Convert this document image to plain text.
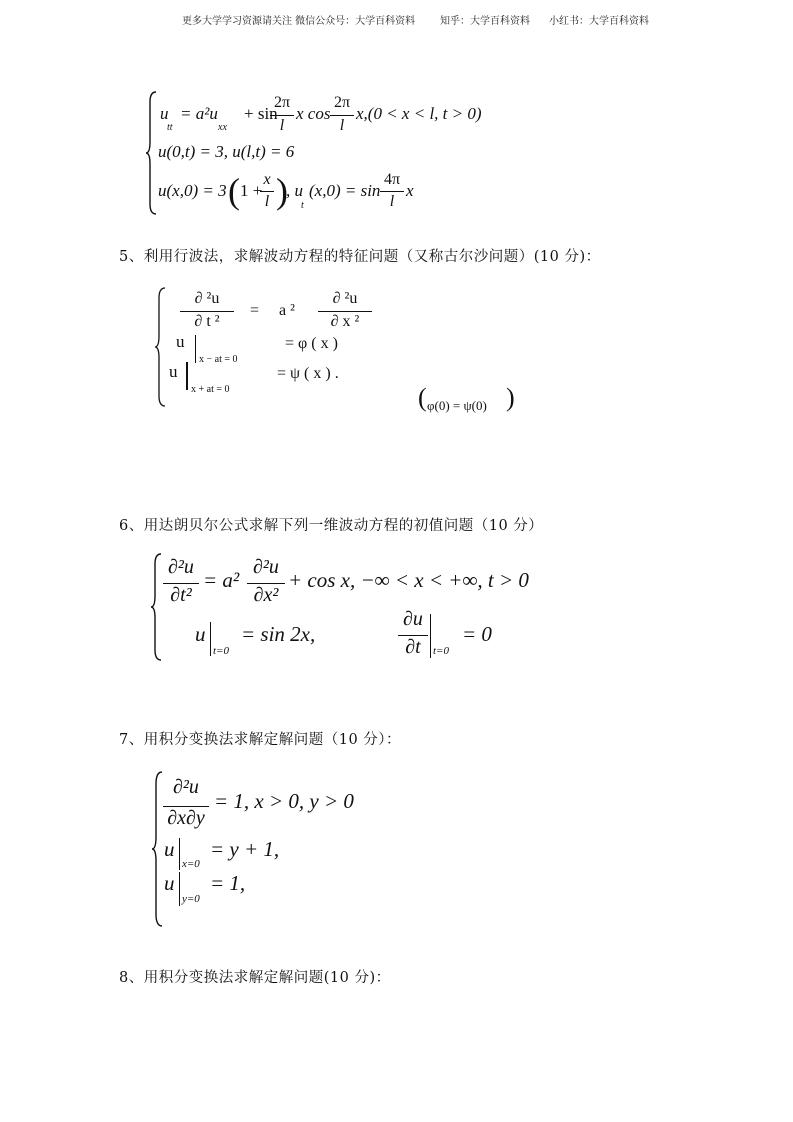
更多大学学习资源请关注 微信公众号：大学百科资料 知乎：大学百科资料 小红书：大学百科资料
u
tt
= a²u
xx
+ sin
2π
l
x cos
2π
l
x,(0 < x < l, t > 0)
u(0,t) = 3, u(l,t) = 6
u(x,0) = 3 ( 1 +
x
l )
, u
t
(x,0) = sin
4π
l
x
5、利用行波法，求解波动方程的特征问题（又称古尔沙问题）(10 分)：
∂ ²u
∂ t ²
= a ²
∂ ²u
∂ x ²
u
x − at = 0
= φ ( x )
u
x + at = 0
= ψ ( x ) .
( φ(0) = ψ(0) )
6、用达朗贝尔公式求解下列一维波动方程的初值问题（10 分）
∂²u
∂t²
= a²
∂²u
∂x²
+ cos x, −∞ < x < +∞, t > 0
u
t=0
= sin 2x,
∂u
∂t	t=0
= 0
7、用积分变换法求解定解问题（10 分）：
∂²u
∂x∂y
= 1, x > 0, y > 0
u
x=0
= y + 1,
u
y=0
= 1,
8、用积分变换法求解定解问题(10 分)：
